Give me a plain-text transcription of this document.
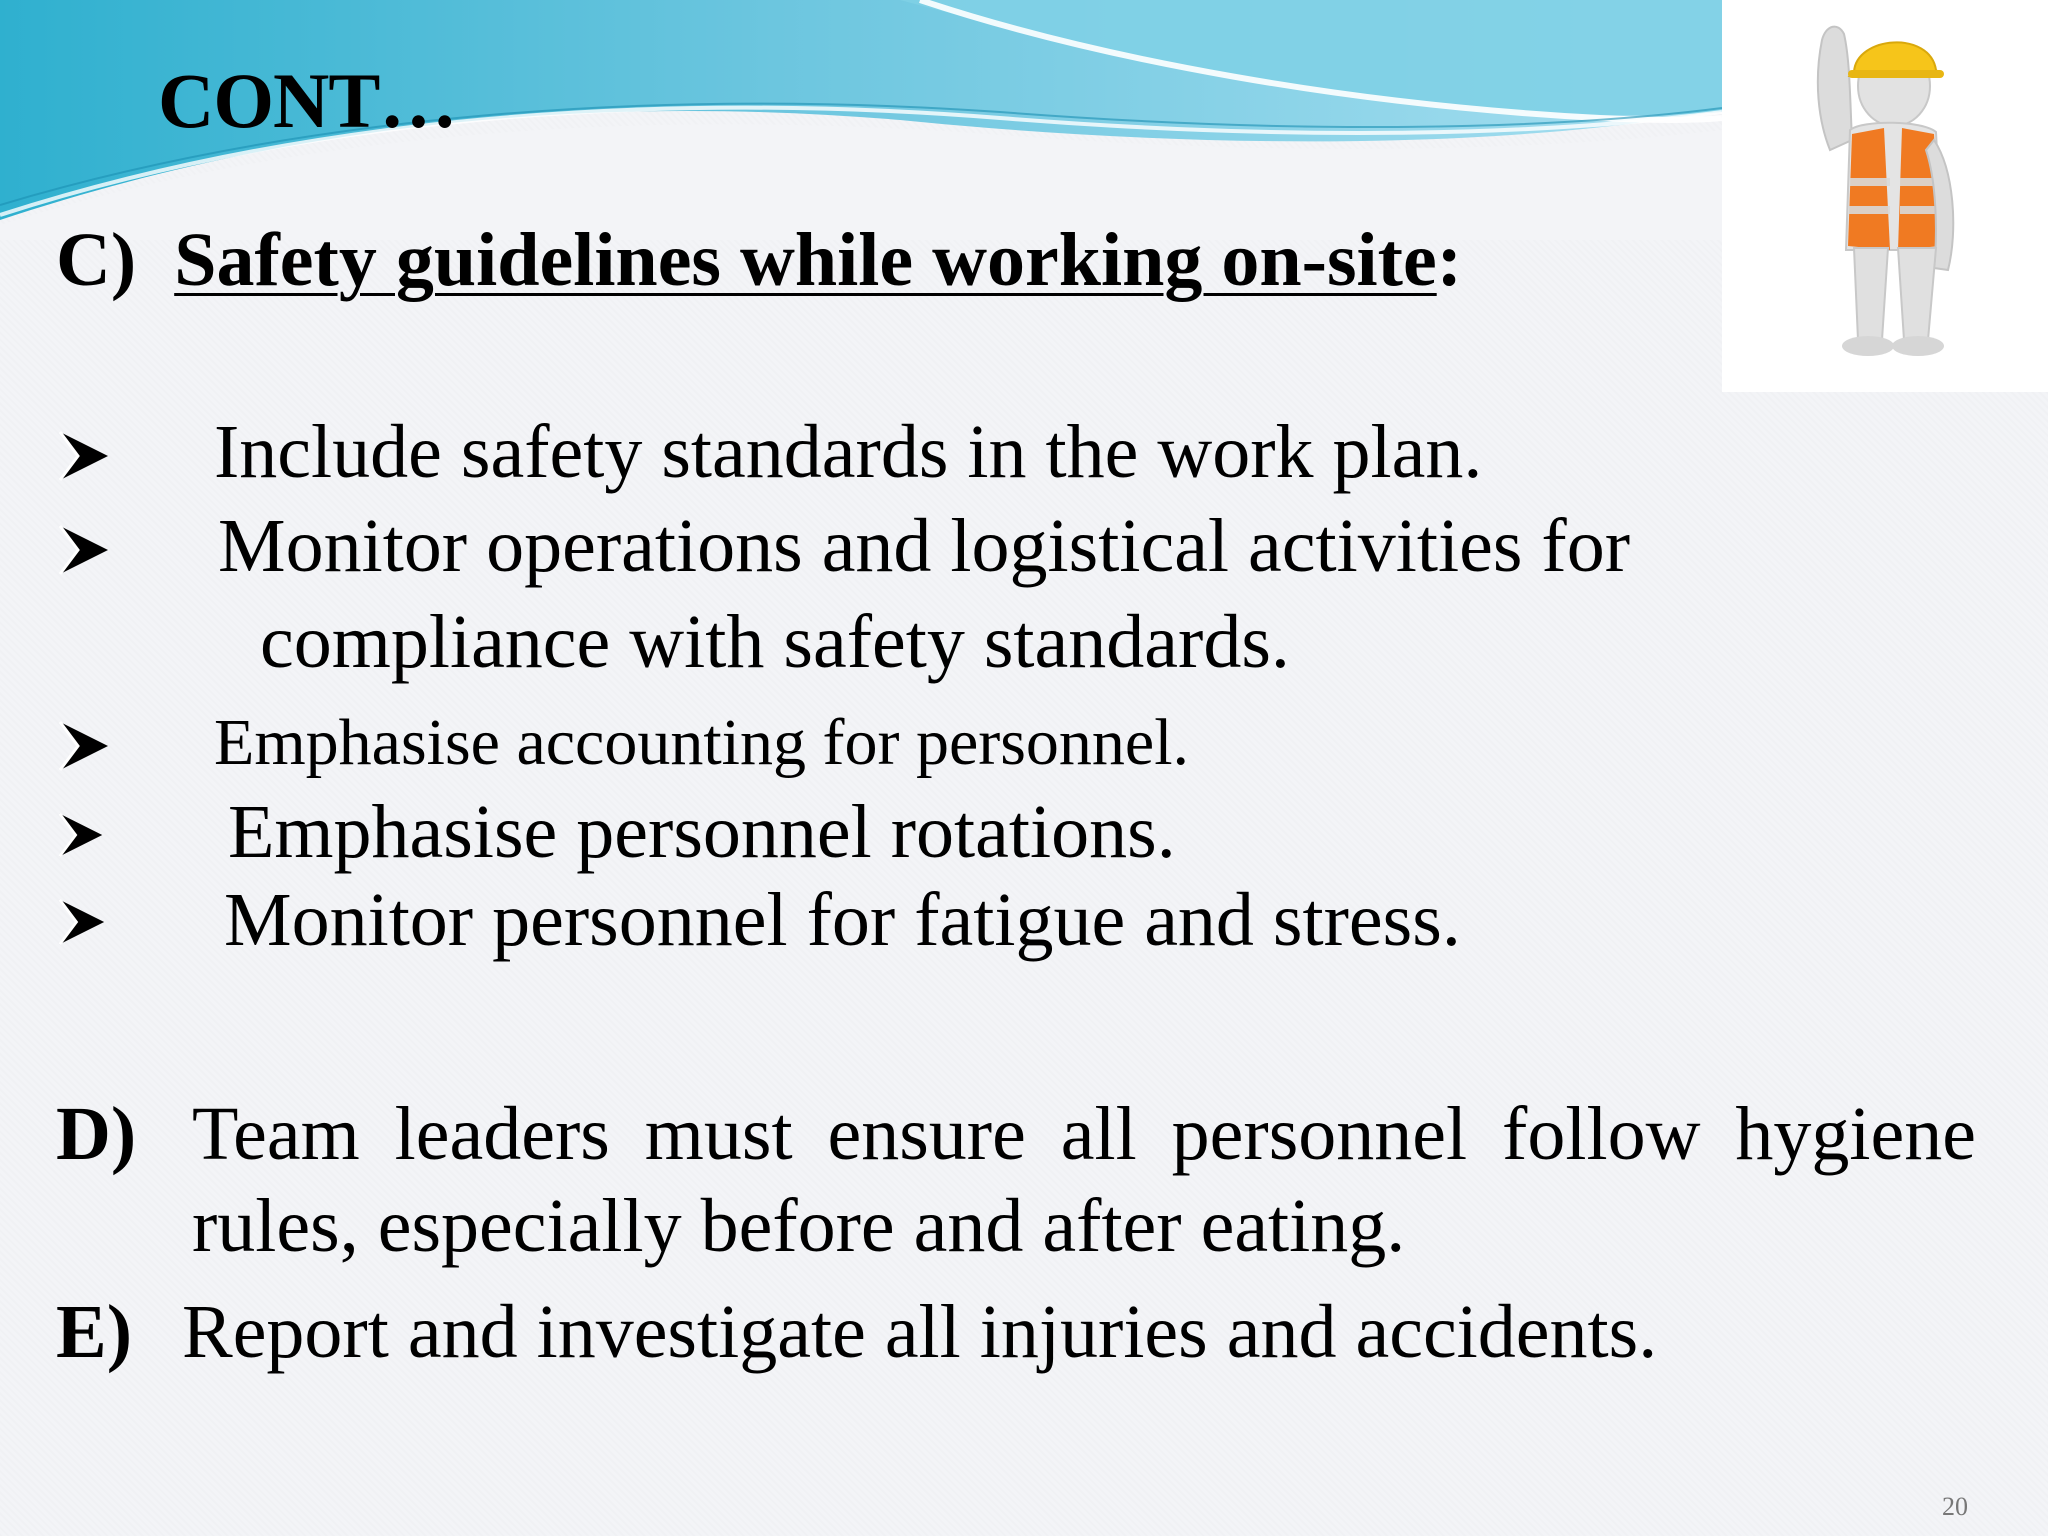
CONT…
C) Safety guidelines while working on-site:
Include safety standards in the work plan.
Monitor operations and logistical activities for
compliance with safety standards.
Emphasise accounting for personnel.
Emphasise personnel rotations.
Monitor personnel for fatigue and stress.
D) Team leaders must ensure all personnel follow hygiene
rules, especially before and after eating.
E) Report and investigate all injuries and accidents.
20
